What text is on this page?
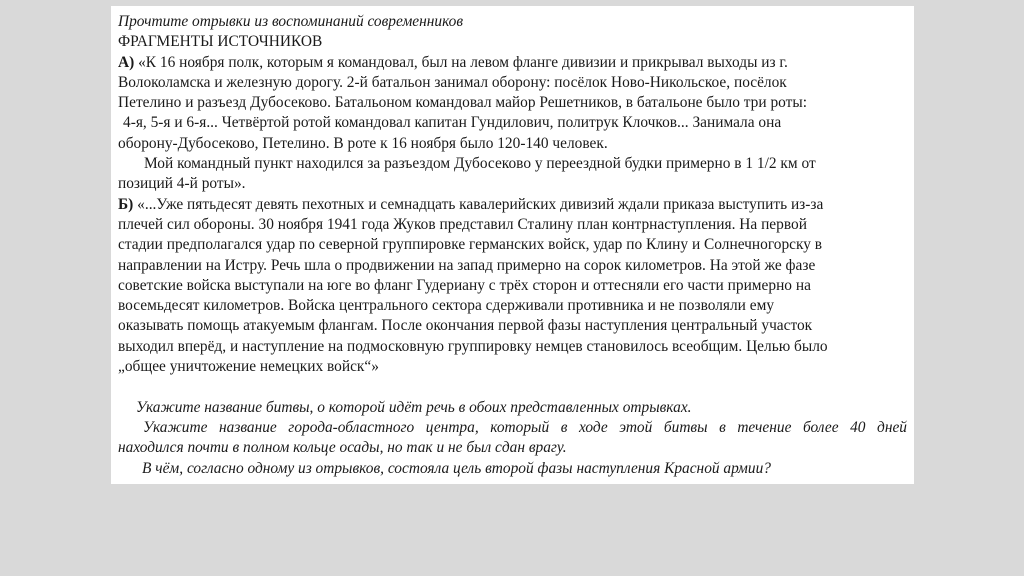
Прочтите отрывки из воспоминаний современников
ФРАГМЕНТЫ ИСТОЧНИКОВ
А) «К 16 ноября полк, которым я командовал, был на левом фланге дивизии и прикрывал выходы из г.
Волоколамска и железную дорогу. 2-й батальон занимал оборону: посёлок Ново-Никольское, посёлок
Петелино и разъезд Дубосеково. Батальоном командовал майор Решетников, в батальоне было три роты:
4-я, 5-я и 6-я... Четвёртой ротой командовал капитан Гундилович, политрук Клочков... Занимала она
оборону-Дубосеково, Петелино. В роте к 16 ноября было 120-140 человек.
Мой командный пункт находился за разъездом Дубосеково у переездной будки примерно в 1 1/2 км от
позиций 4-й роты».
Б) «...Уже пятьдесят девять пехотных и семнадцать кавалерийских дивизий ждали приказа выступить из-за
плечей сил обороны. 30 ноября 1941 года Жуков представил Сталину план контрнаступления. На первой
стадии предполагался удар по северной группировке германских войск, удар по Клину и Солнечногорску в
направлении на Истру. Речь шла о продвижении на запад примерно на сорок километров. На этой же фазе
советские войска выступали на юге во фланг Гудериану с трёх сторон и оттесняли его части примерно на
восемьдесят километров. Войска центрального сектора сдерживали противника и не позволяли ему
оказывать помощь атакуемым флангам. После окончания первой фазы наступления центральный участок
выходил вперёд, и наступление на подмосковную группировку немцев становилось всеобщим. Целью было
„общее уничтожение немецких войск“»
Укажите название битвы, о которой идёт речь в обоих представленных отрывках.
Укажите название города-областного центра, который в ходе этой битвы в течение более 40 дней
находился почти в полном кольце осады, но так и не был сдан врагу.
В чём, согласно одному из отрывков, состояла цель второй фазы наступления Красной армии?
